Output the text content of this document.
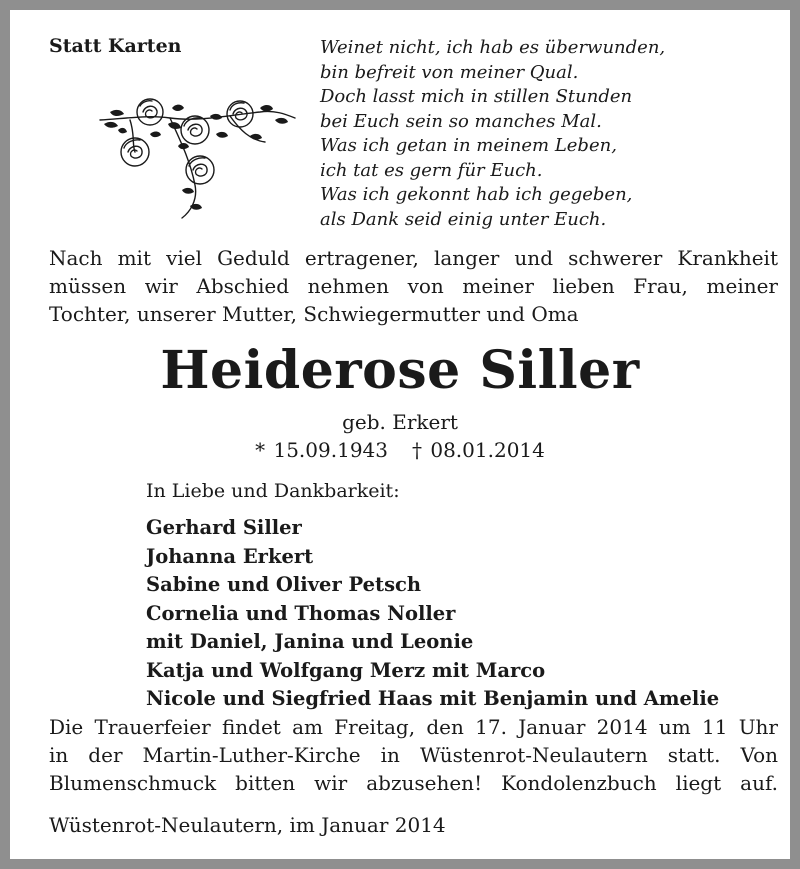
Statt Karten	Weinet nicht, ich hab es überwunden,
bin befreit von meiner Qual.
Doch lasst mich in stillen Stunden
bei Euch sein so manches Mal.
Was ich getan in meinem Leben,
ich tat es gern für Euch.
Was ich gekonnt hab ich gegeben,
als Dank seid einig unter Euch.
Nach mit viel Geduld ertragener, langer und schwerer Krankheit
müssen wir Abschied nehmen von meiner lieben Frau, meiner
Tochter, unserer Mutter, Schwiegermutter und Oma
Heiderose Siller
geb. Erkert
* 15.09.1943 † 08.01.2014
In Liebe und Dankbarkeit:
Gerhard Siller
Johanna Erkert
Sabine und Oliver Petsch
Cornelia und Thomas Noller
mit Daniel, Janina und Leonie
Katja und Wolfgang Merz mit Marco
Nicole und Siegfried Haas mit Benjamin und Amelie
Die Trauerfeier findet am Freitag, den 17. Januar 2014 um 11 Uhr
in der Martin-Luther-Kirche in Wüstenrot-Neulautern statt. Von
Blumenschmuck bitten wir abzusehen! Kondolenzbuch liegt auf.
Wüstenrot-Neulautern, im Januar 2014
